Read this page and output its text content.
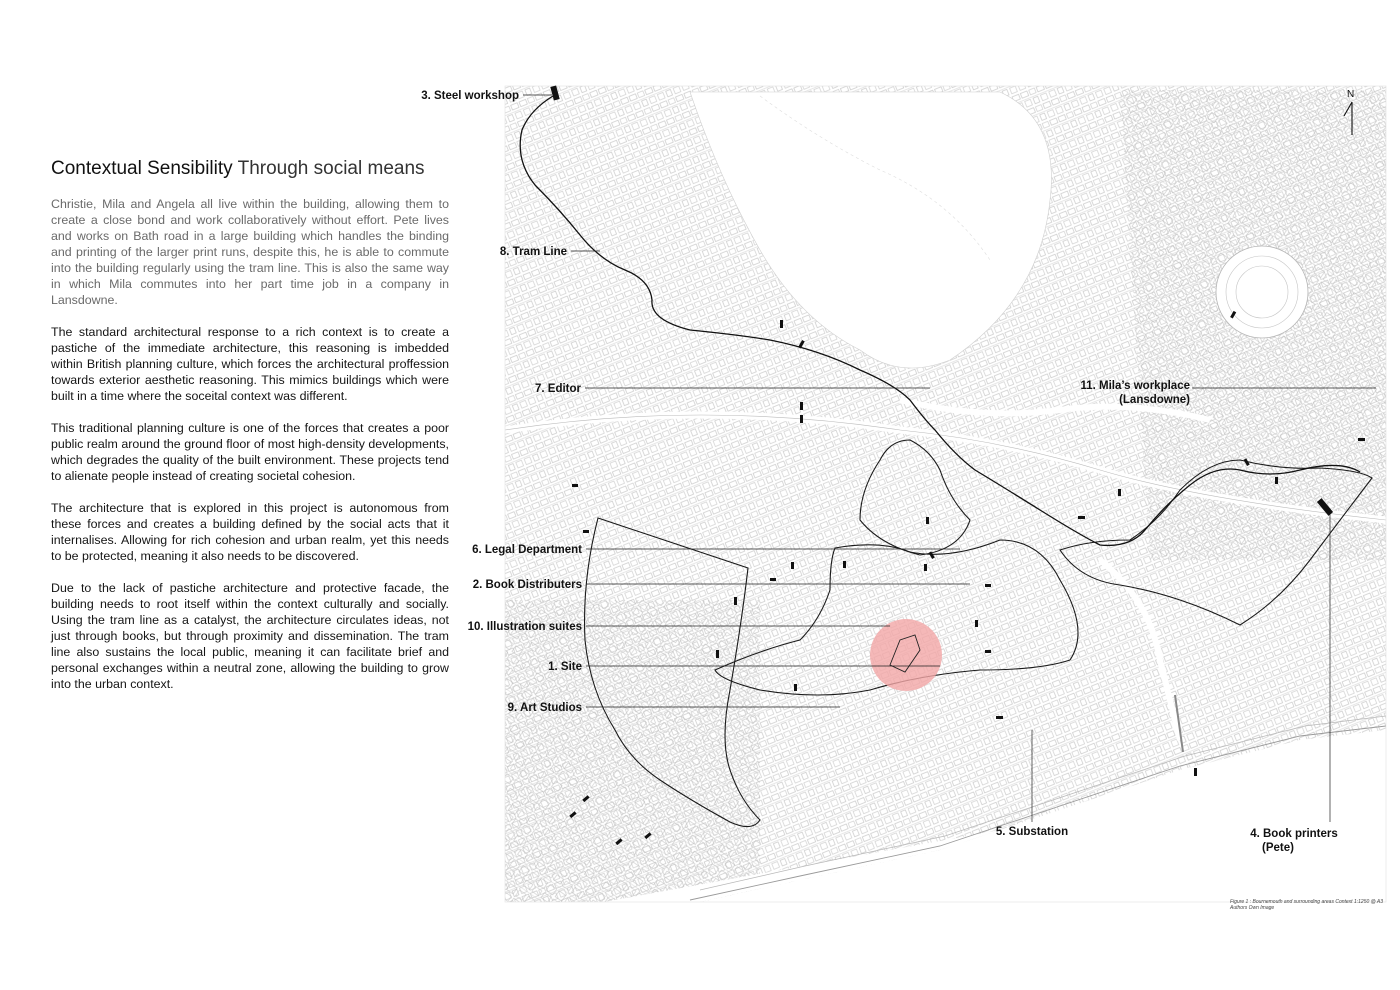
Contextual Sensibility Through social means

Christie, Mila and Angela all live within the building, allowing them to create a close bond and work collaboratively without effort. Pete lives and works on Bath road in a large building which handles the binding and printing of the larger print runs, despite this, he is able to commute into the building regularly using the tram line. This is also the same way in which Mila commutes into her part time job in a company in Lansdowne.

The standard architectural response to a rich context is to create a pastiche of the immediate architecture, this reasoning is imbedded within British planning culture, which forces the architectural proffession towards exterior aesthetic reasoning. This mimics buildings which were built in a time where the soceital context was different.

This traditional planning culture is one of the forces that creates a poor public realm around the ground floor of most high-density developments, which degrades the quality of the built environment. These projects tend to alienate people instead of creating societal cohesion.

The architecture that is explored in this project is autonomous from these forces and creates a building defined by the social acts that it internalises. Allowing for rich cohesion and urban realm, yet this needs to be protected, meaning it also needs to be discovered.

Due to the lack of pastiche architecture and protective facade, the building needs to root itself within the context culturally and socially. Using the tram line as a catalyst, the architecture circulates ideas, not just through books, but through proximity and dissemination. The tram line also sustains the local public, meaning it can facilitate brief and personal exchanges within a neutral zone, allowing the building to grow into the urban context.

N
3. Steel workshop
8. Tram Line
7. Editor	11. Mila’s workplace
(Lansdowne)
6. Legal Department
2. Book Distributers
10. Illustration suites
1. Site
9. Art Studios
5. Substation	4. Book printers
(Pete)
Figure 1 : Bournemouth and surrounding areas Context 1:1250 @ A3
Authors Own Image
